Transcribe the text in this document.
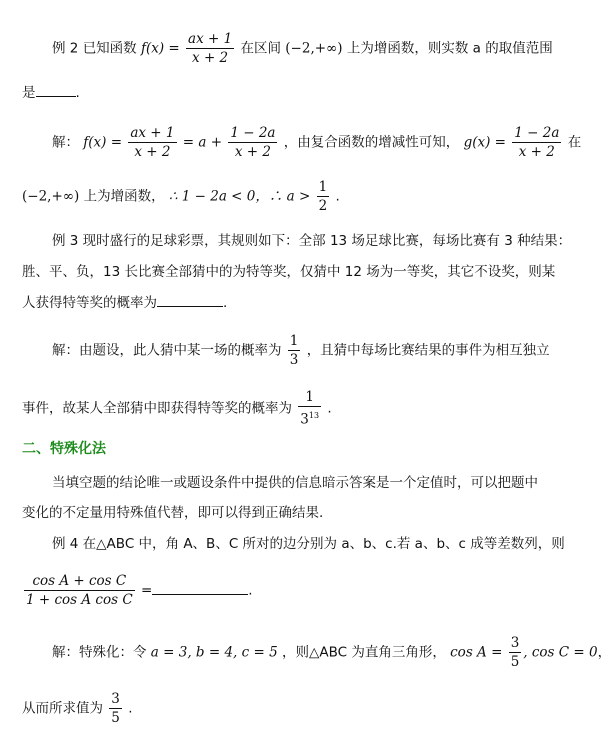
例 2 已知函数 $f(x) = \frac{ax + 1}{x + 2}$ 在区间 (−2,+∞) 上为增函数，则实数 a 的取值范围
是	.
解： $f(x) = \frac{ax + 1}{x + 2} = a + \frac{1 - 2a}{x + 2}$ ，由复合函数的增减性可知， $g(x) = \frac{1 - 2a}{x + 2}$ 在
(−2,+∞) 上为增函数， ∴ 1 − 2a < 0，∴ $a > \frac{1}{2}$ .
例 3 现时盛行的足球彩票，其规则如下：全部 13 场足球比赛，每场比赛有 3 种结果：
胜、平、负，13 长比赛全部猜中的为特等奖，仅猜中 12 场为一等奖，其它不设奖，则某
人获得特等奖的概率为	.
解：由题设，此人猜中某一场的概率为 $\frac{1}{3}$ ，且猜中每场比赛结果的事件为相互独立
事件，故某人全部猜中即获得特等奖的概率为 $\frac{1}{3^{13}}$ .
二、特殊化法
当填空题的结论唯一或题设条件中提供的信息暗示答案是一个定值时，可以把题中
变化的不定量用特殊值代替，即可以得到正确结果.
例 4 在△ABC 中，角 A、B、C 所对的边分别为 a、b、c.若 a、b、c 成等差数列，则
$\frac{\text{cos A + cos C}}{\text{1 + cos A cos C}}$ =	.
解：特殊化：令 a = 3, b = 4, c = 5 ，则△ABC 为直角三角形， $\cos A = \frac{3}{5}$ , cos C = 0，
从而所求值为 $\frac{3}{5}$ .
